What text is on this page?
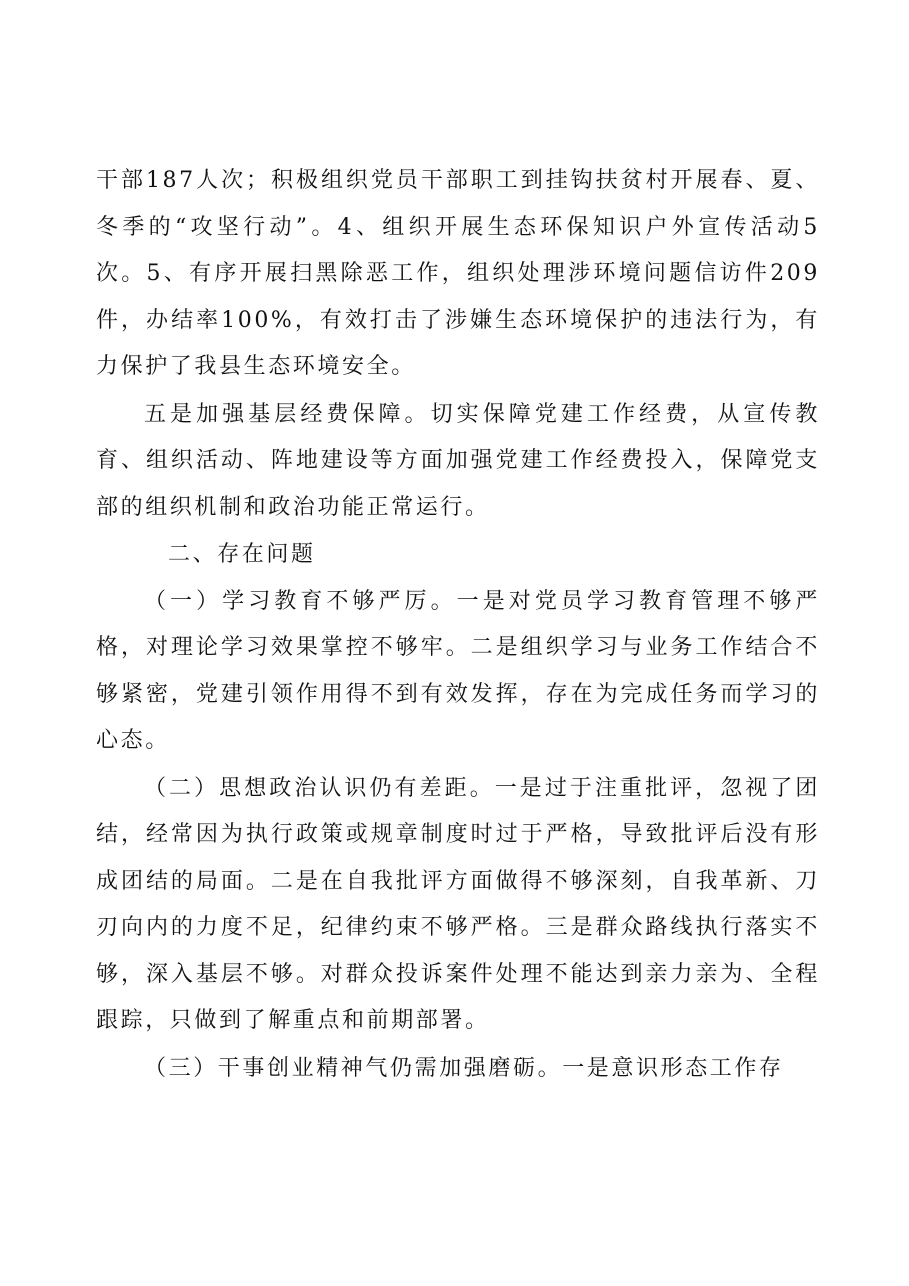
干部187人次；积极组织党员干部职工到挂钩扶贫村开展春、夏、冬季的“攻坚行动”。4、组织开展生态环保知识户外宣传活动5次。5、有序开展扫黑除恶工作，组织处理涉环境问题信访件209件，办结率100%，有效打击了涉嫌生态环境保护的违法行为，有力保护了我县生态环境安全。

五是加强基层经费保障。切实保障党建工作经费，从宣传教育、组织活动、阵地建设等方面加强党建工作经费投入，保障党支部的组织机制和政治功能正常运行。

二、存在问题

（一）学习教育不够严厉。一是对党员学习教育管理不够严格，对理论学习效果掌控不够牢。二是组织学习与业务工作结合不够紧密，党建引领作用得不到有效发挥，存在为完成任务而学习的心态。

（二）思想政治认识仍有差距。一是过于注重批评，忽视了团结，经常因为执行政策或规章制度时过于严格，导致批评后没有形成团结的局面。二是在自我批评方面做得不够深刻，自我革新、刀刃向内的力度不足，纪律约束不够严格。三是群众路线执行落实不够，深入基层不够。对群众投诉案件处理不能达到亲力亲为、全程跟踪，只做到了解重点和前期部署。

（三）干事创业精神气仍需加强磨砺。一是意识形态工作存
